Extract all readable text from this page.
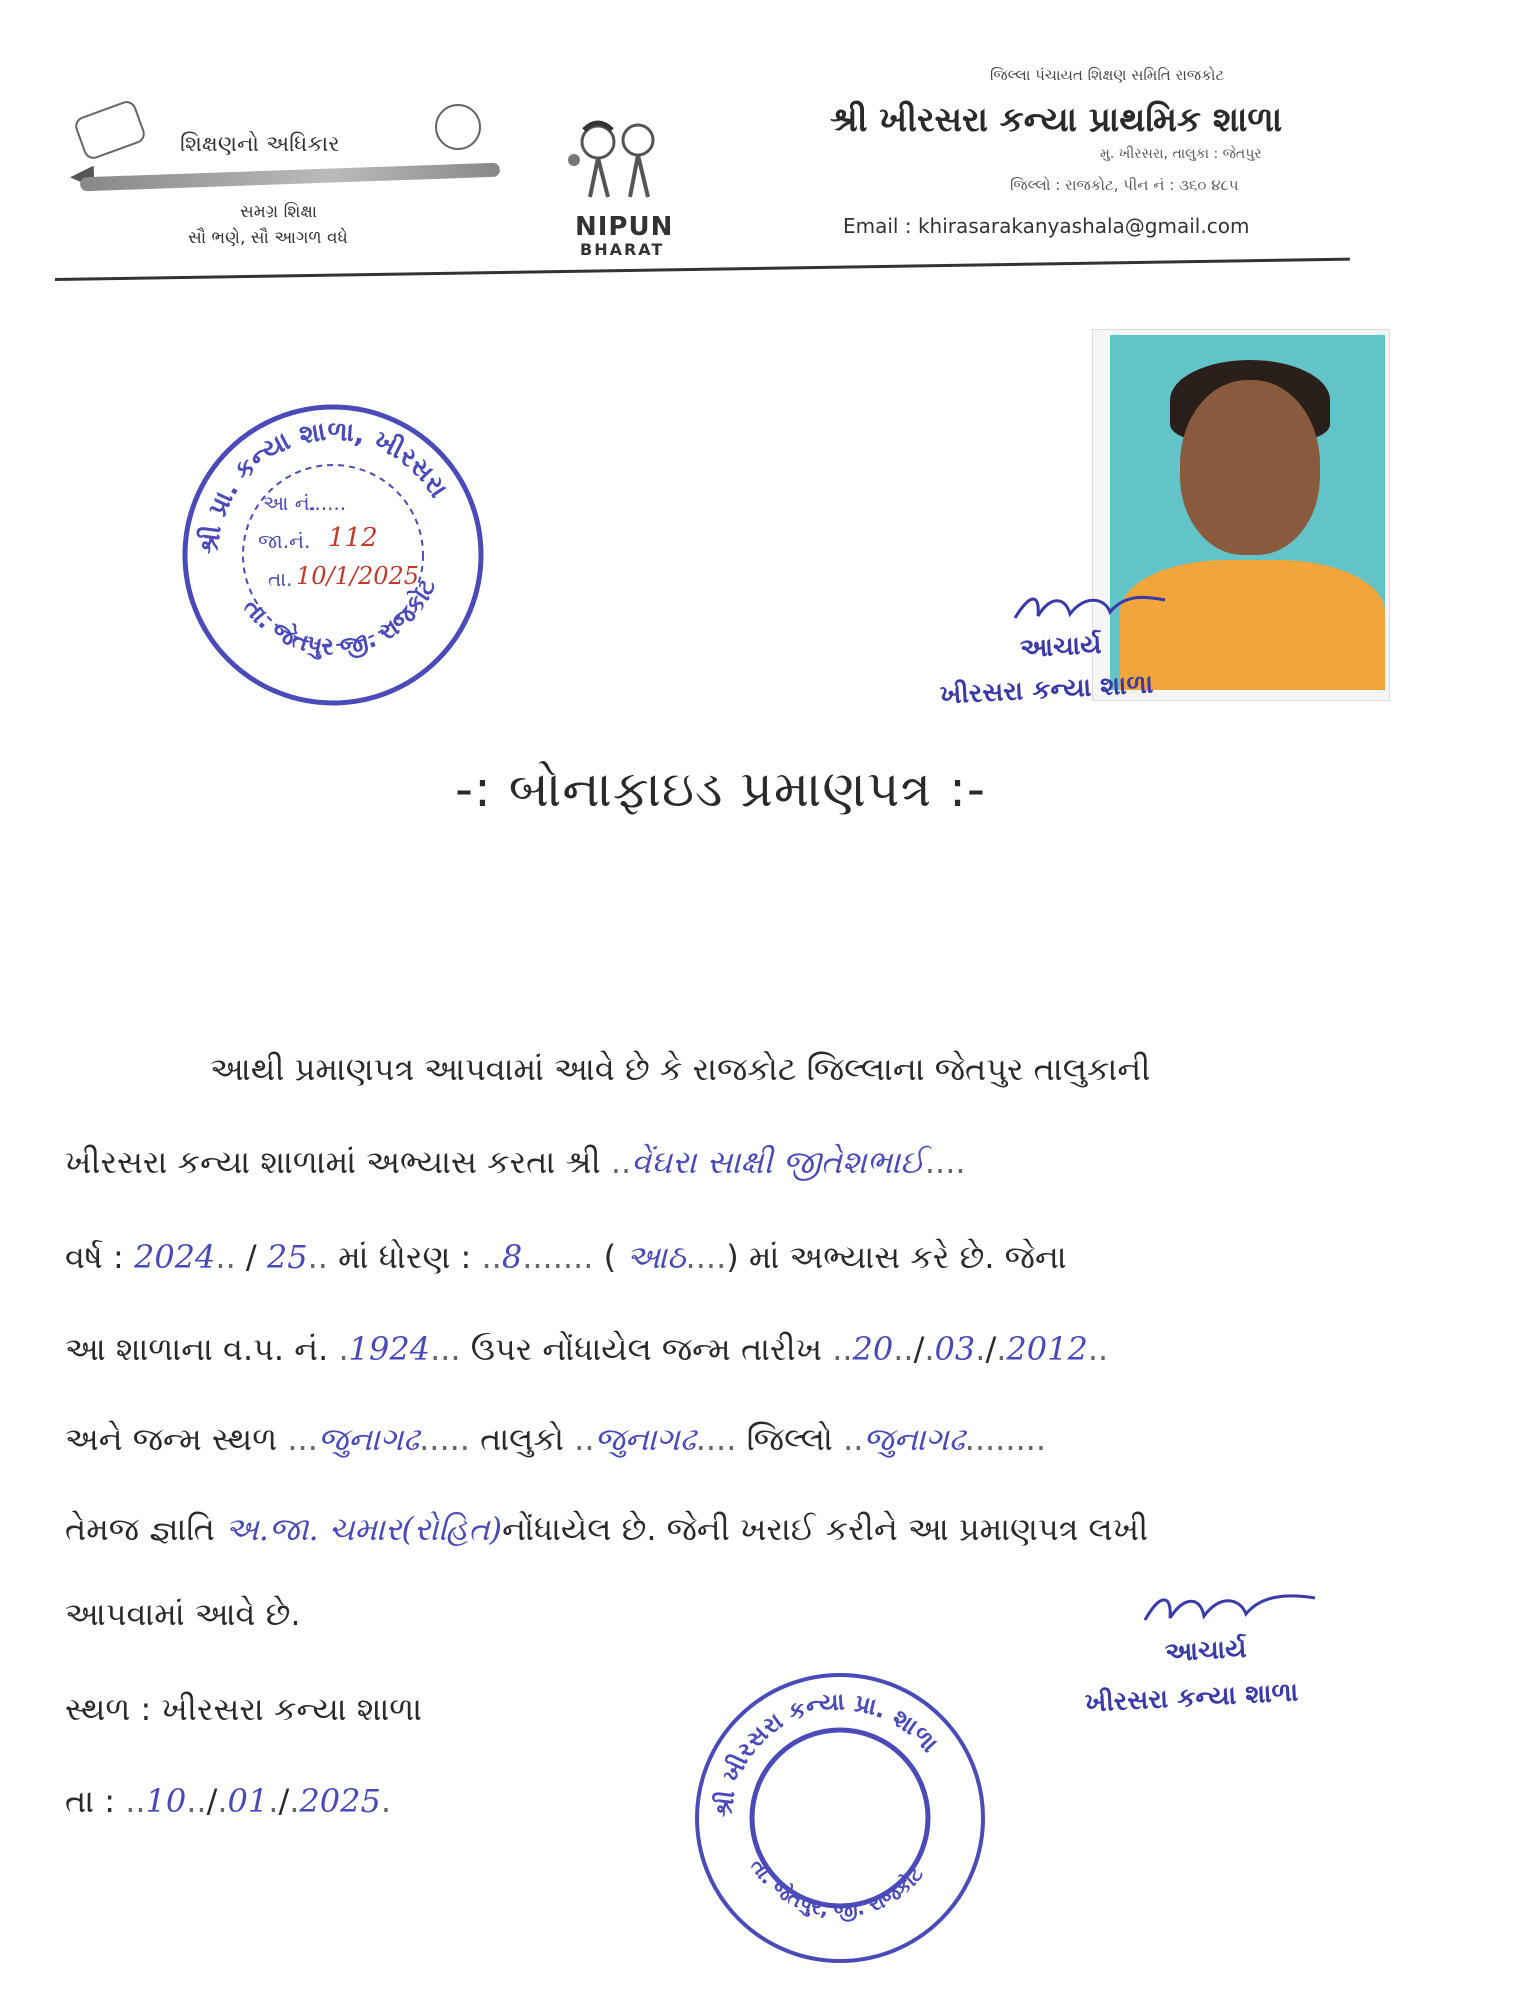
શિક્ષણનો અધિકાર
સમગ્ર શિક્ષા
સૌ ભણે, સૌ આગળ વધે	NIPUN
BHARAT
જિલ્લા પંચાયત શિક્ષણ સમિતિ રાજકોટ
શ્રી ખીરસરા કન્યા પ્રાથમિક શાળા
મુ. ખીરસરા, તાલુકા : જેતપુર
જિલ્લો : રાજકોટ, પીન નં : ૩૬૦ ૪૮૫
Email : khirasarakanyashala@gmail.com
શ્રી પ્રા. કન્યા શાળા, ખીરસરા
તા. જેતપુર જી. રાજકોટ
આ નં.
......
જા.નં. 112
તા. 10/1/2025
આચાર્ય
ખીરસરા કન્યા શાળા
-: બોનાફાઇડ પ્રમાણપત્ર :-
આથી પ્રમાણપત્ર આપવામાં આવે છે કે રાજકોટ જિલ્લાના જેતપુર તાલુકાની
ખીરસરા કન્યા શાળામાં અભ્યાસ કરતા શ્રી ..વેંઘરા સાક્ષી જીતેશભાઈ....
વર્ષ : 2024.. / 25.. માં ધોરણ : ..8....... ( આઠ....) માં અભ્યાસ કરે છે. જેના
આ શાળાના વ.પ. નં. .1924... ઉપર નોંધાયેલ જન્મ તારીખ ..20../.03./.2012..
અને જન્મ સ્થળ ...જુનાગઢ..... તાલુકો ..જુનાગઢ.... જિલ્લો ..જુનાગઢ........
તેમજ જ્ઞાતિ અ.જા. ચમાર(રોહિત)નોંધાયેલ છે. જેની ખરાઈ કરીને આ પ્રમાણપત્ર લખી
આપવામાં આવે છે.
સ્થળ : ખીરસરા કન્યા શાળા
તા : ..10../.01./.2025.	શ્રી ખીરસરા કન્યા પ્રા. શાળા
તા. જેતપુર, જી. રાજકોટ
આચાર્ય
ખીરસરા કન્યા શાળા
